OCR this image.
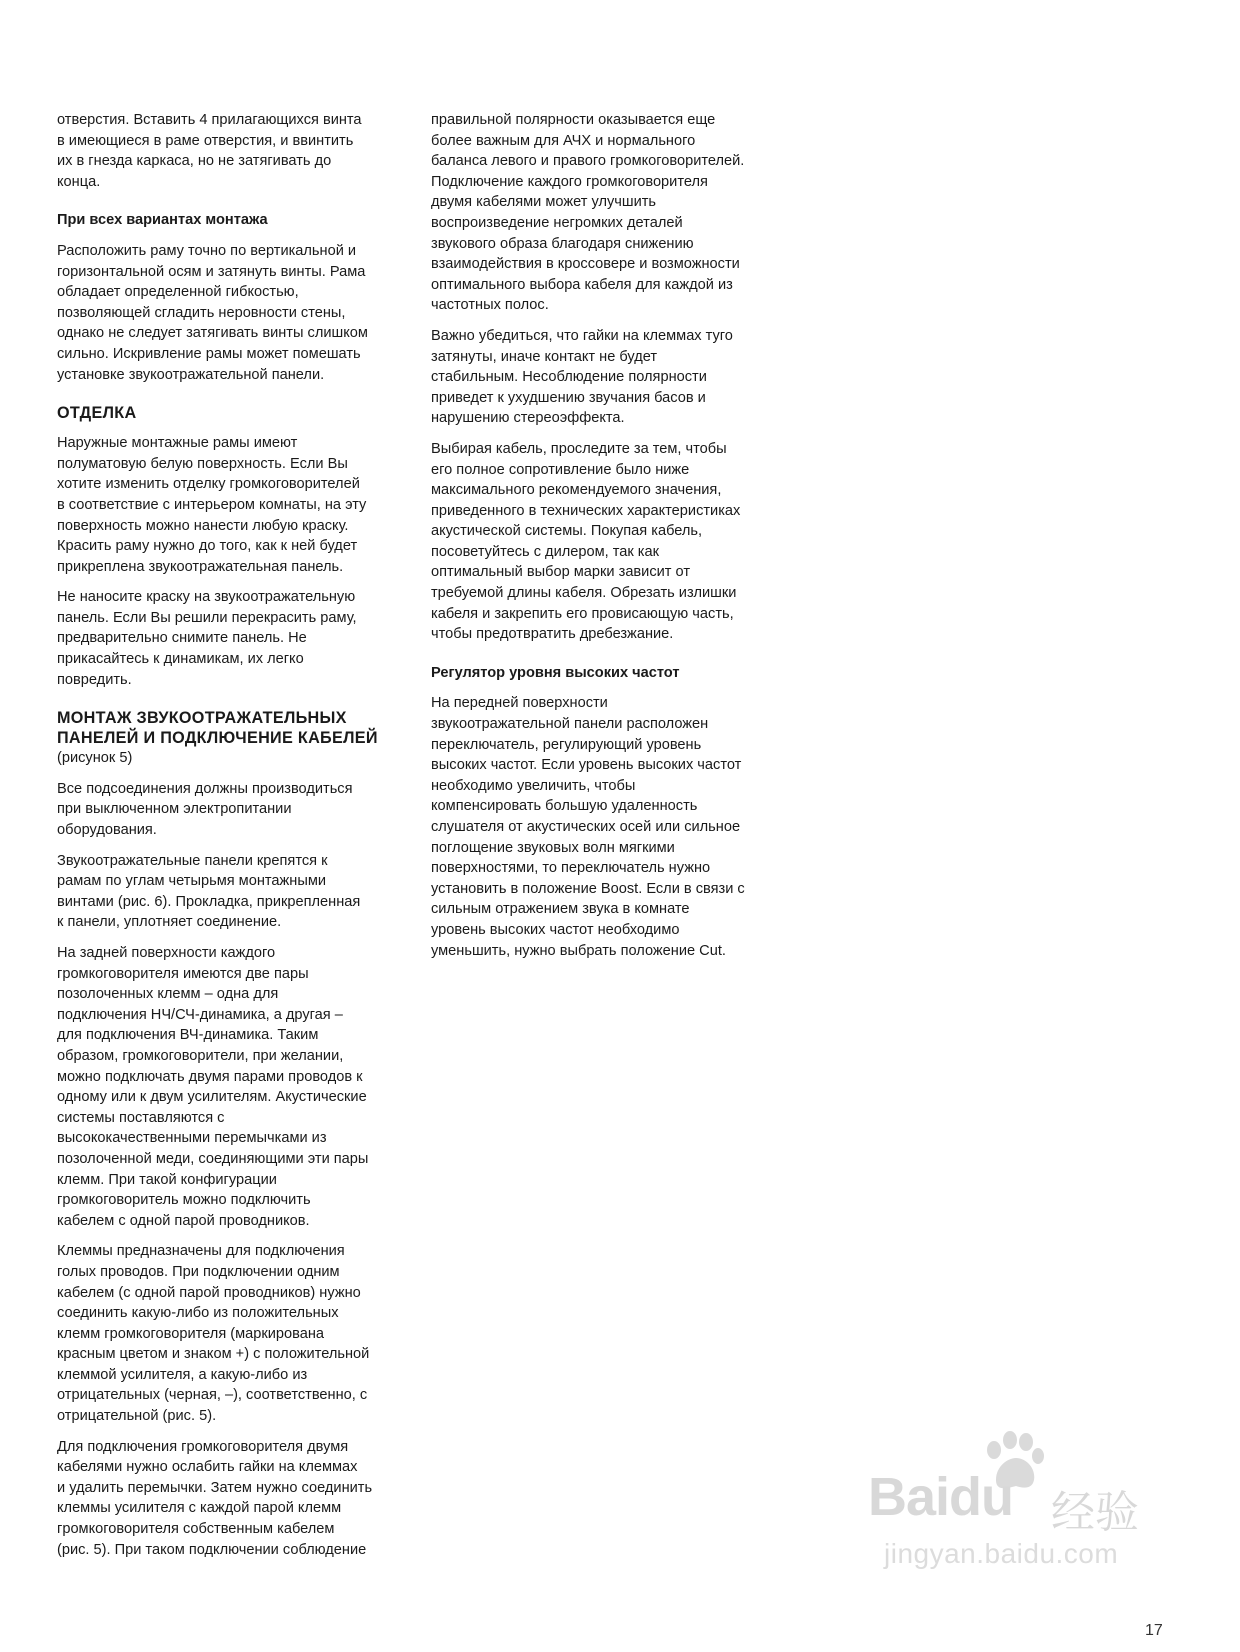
отверстия. Вставить 4 прилагающихся винта
в имеющиеся в раме отверстия, и ввинтить
их в гнезда каркаса, но не затягивать до
конца.

При всех вариантах монтажа

Расположить раму точно по вертикальной и
горизонтальной осям и затянуть винты. Рама
обладает определенной гибкостью,
позволяющей сгладить неровности стены,
однако не следует затягивать винты слишком
сильно. Искривление рамы может помешать
установке звукоотражательной панели.

ОТДЕЛКА

Наружные монтажные рамы имеют
полуматовую белую поверхность. Если Вы
хотите изменить отделку громкоговорителей
в соответствие с интерьером комнаты, на эту
поверхность можно нанести любую краску.
Красить раму нужно до того, как к ней будет
прикреплена звукоотражательная панель.

Не наносите краску на звукоотражательную
панель. Если Вы решили перекрасить раму,
предварительно снимите панель. Не
прикасайтесь к динамикам, их легко
повредить.

МОНТАЖ ЗВУКООТРАЖАТЕЛЬНЫХ
ПАНЕЛЕЙ И ПОДКЛЮЧЕНИЕ КАБЕЛЕЙ

(рисунок 5)

Все подсоединения должны производиться
при выключенном электропитании
оборудования.

Звукоотражательные панели крепятся к
рамам по углам четырьмя монтажными
винтами (рис. 6). Прокладка, прикрепленная
к панели, уплотняет соединение.

На задней поверхности каждого
громкоговорителя имеются две пары
позолоченных клемм – одна для
подключения НЧ/СЧ-динамика, а другая –
для подключения ВЧ-динамика. Таким
образом, громкоговорители, при желании,
можно подключать двумя парами проводов к
одному или к двум усилителям. Акустические
системы поставляются с
высококачественными перемычками из
позолоченной меди, соединяющими эти пары
клемм. При такой конфигурации
громкоговоритель можно подключить
кабелем с одной парой проводников.

Клеммы предназначены для подключения
голых проводов. При подключении одним
кабелем (с одной парой проводников) нужно
соединить какую-либо из положительных
клемм громкоговорителя (маркирована
красным цветом и знаком +) с положительной
клеммой усилителя, а какую-либо из
отрицательных (черная, –), соответственно, с
отрицательной (рис. 5).

Для подключения громкоговорителя двумя
кабелями нужно ослабить гайки на клеммах
и удалить перемычки. Затем нужно соединить
клеммы усилителя с каждой парой клемм
громкоговорителя собственным кабелем
(рис. 5). При таком подключении соблюдение

правильной полярности оказывается еще
более важным для АЧХ и нормального
баланса левого и правого громкоговорителей.
Подключение каждого громкоговорителя
двумя кабелями может улучшить
воспроизведение негромких деталей
звукового образа благодаря снижению
взаимодействия в кроссовере и возможности
оптимального выбора кабеля для каждой из
частотных полос.

Важно убедиться, что гайки на клеммах туго
затянуты, иначе контакт не будет
стабильным. Несоблюдение полярности
приведет к ухудшению звучания басов и
нарушению стереоэффекта.

Выбирая кабель, проследите за тем, чтобы
его полное сопротивление было ниже
максимального рекомендуемого значения,
приведенного в технических характеристиках
акустической системы. Покупая кабель,
посоветуйтесь с дилером, так как
оптимальный выбор марки зависит от
требуемой длины кабеля. Обрезать излишки
кабеля и закрепить его провисающую часть,
чтобы предотвратить дребезжание.

Регулятор уровня высоких частот

На передней поверхности
звукоотражательной панели расположен
переключатель, регулирующий уровень
высоких частот. Если уровень высоких частот
необходимо увеличить, чтобы
компенсировать большую удаленность
слушателя от акустических осей или сильное
поглощение звуковых волн мягкими
поверхностями, то переключатель нужно
установить в положение Boost. Если в связи с
сильным отражением звука в комнате
уровень высоких частот необходимо
уменьшить, нужно выбрать положение Cut.

Baidu 经验
jingyan.baidu.com
17
